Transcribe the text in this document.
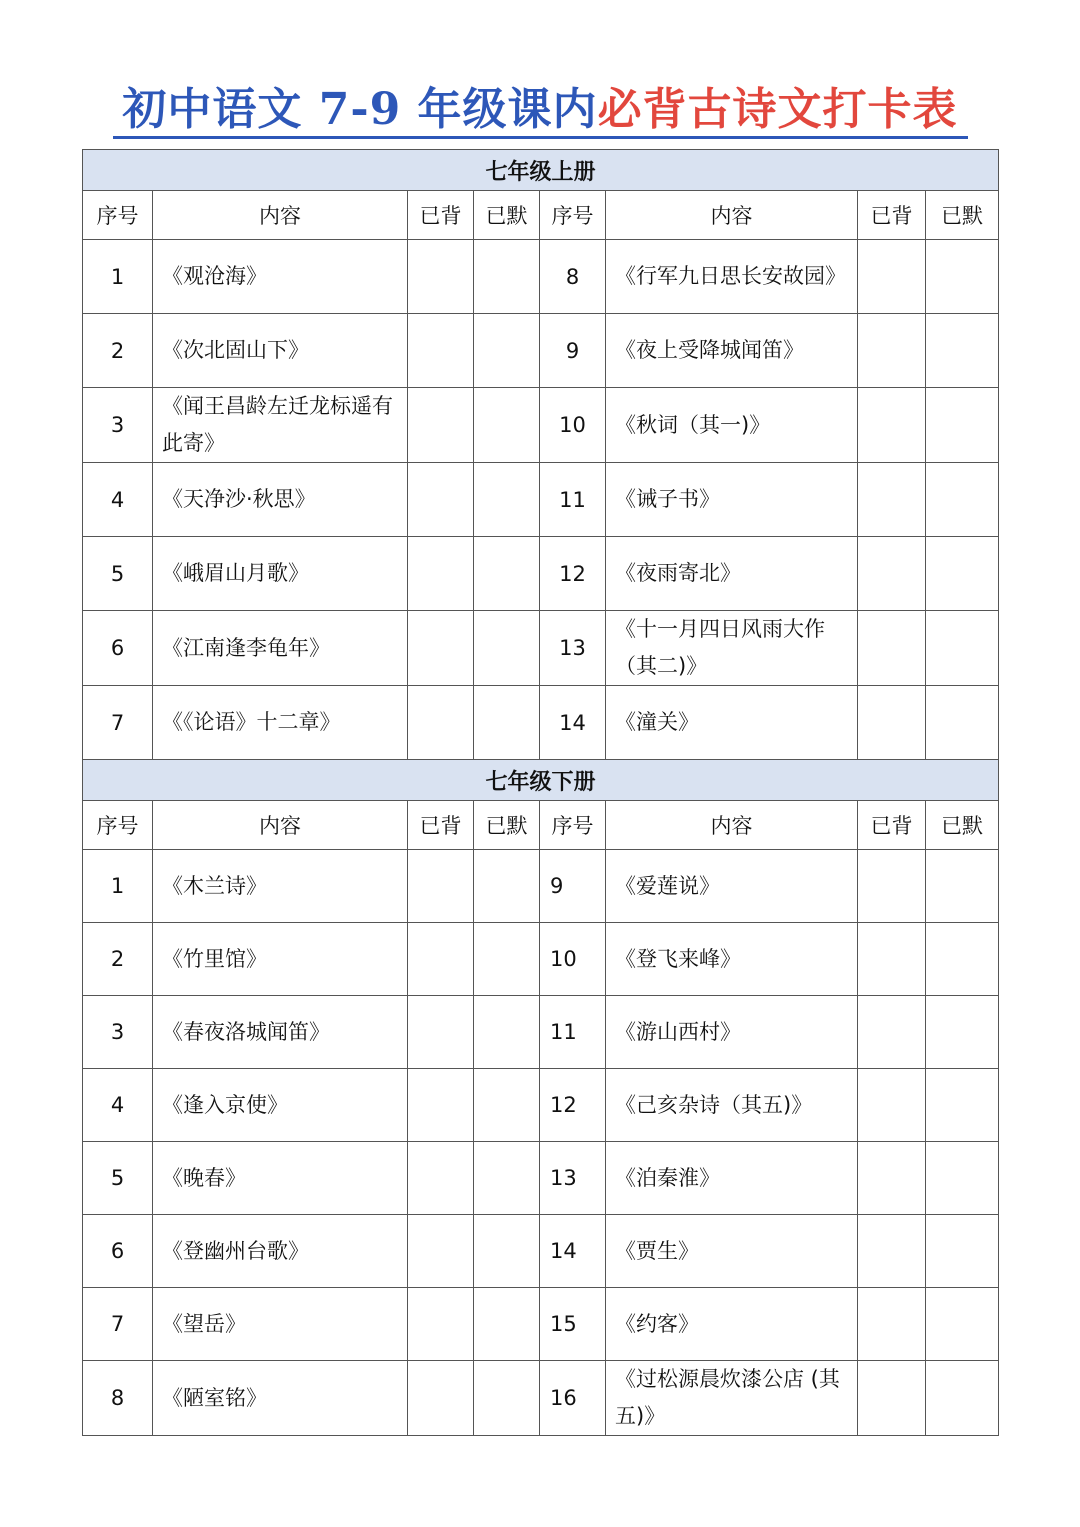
初中语文 7-9 年级课内必背古诗文打卡表
七年级上册							
序号	内容	已背	已默	序号	内容	已背	已默
1	《观沧海》			8	《行军九日思长安故园》		
2	《次北固山下》			9	《夜上受降城闻笛》		
3	《闻王昌龄左迁龙标遥有此寄》			10	《秋词（其一)》		
4	《天净沙·秋思》			11	《诫子书》		
5	《峨眉山月歌》			12	《夜雨寄北》		
6	《江南逢李龟年》			13	《十一月四日风雨大作（其二)》		
7	《《论语》十二章》			14	《潼关》		
七年级下册							
序号	内容	已背	已默	序号	内容	已背	已默
1	《木兰诗》			9	《爱莲说》		
2	《竹里馆》			10	《登飞来峰》		
3	《春夜洛城闻笛》			11	《游山西村》		
4	《逢入京使》			12	《己亥杂诗（其五)》		
5	《晚春》			13	《泊秦淮》		
6	《登幽州台歌》			14	《贾生》		
7	《望岳》			15	《约客》		
8	《陋室铭》			16	《过松源晨炊漆公店 (其五)》		
